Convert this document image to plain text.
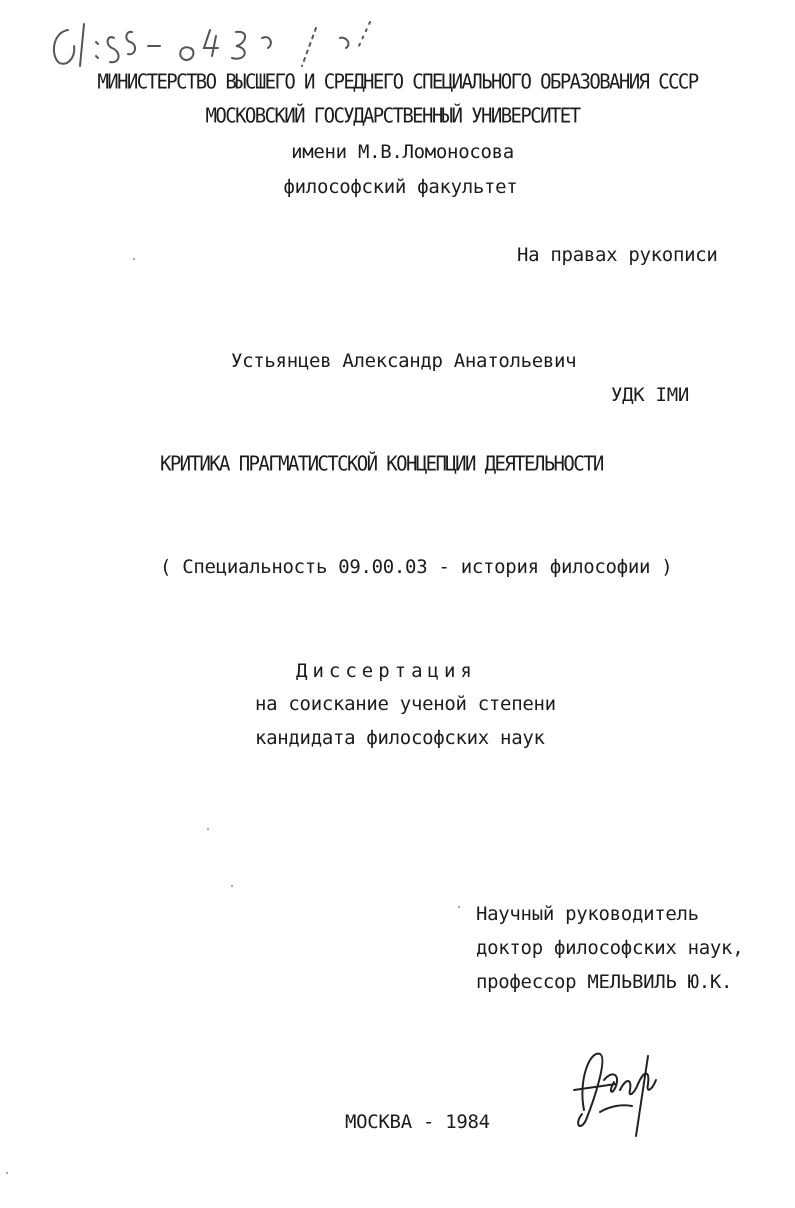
МИНИСТЕРСТВО ВЫСШЕГО И СРЕДНЕГО СПЕЦИАЛЬНОГО ОБРАЗОВАНИЯ СССР
МОСКОВСКИЙ ГОСУДАРСТВЕННЫЙ УНИВЕРСИТЕТ
имени М.В.Ломоносова
философский факультет
На правах рукописи
Устьянцев Александр Анатольевич
УДК IМИ
КРИТИКА ПРАГМАТИСТСКОЙ КОНЦЕПЦИИ ДЕЯТЕЛЬНОСТИ
( Специальность 09.00.03 - история философии )
Диссертация
на соискание ученой степени
кандидата философских наук
Научный руководитель
доктор философских наук,
профессор МЕЛЬВИЛЬ Ю.К.
МОСКВА - 1984
